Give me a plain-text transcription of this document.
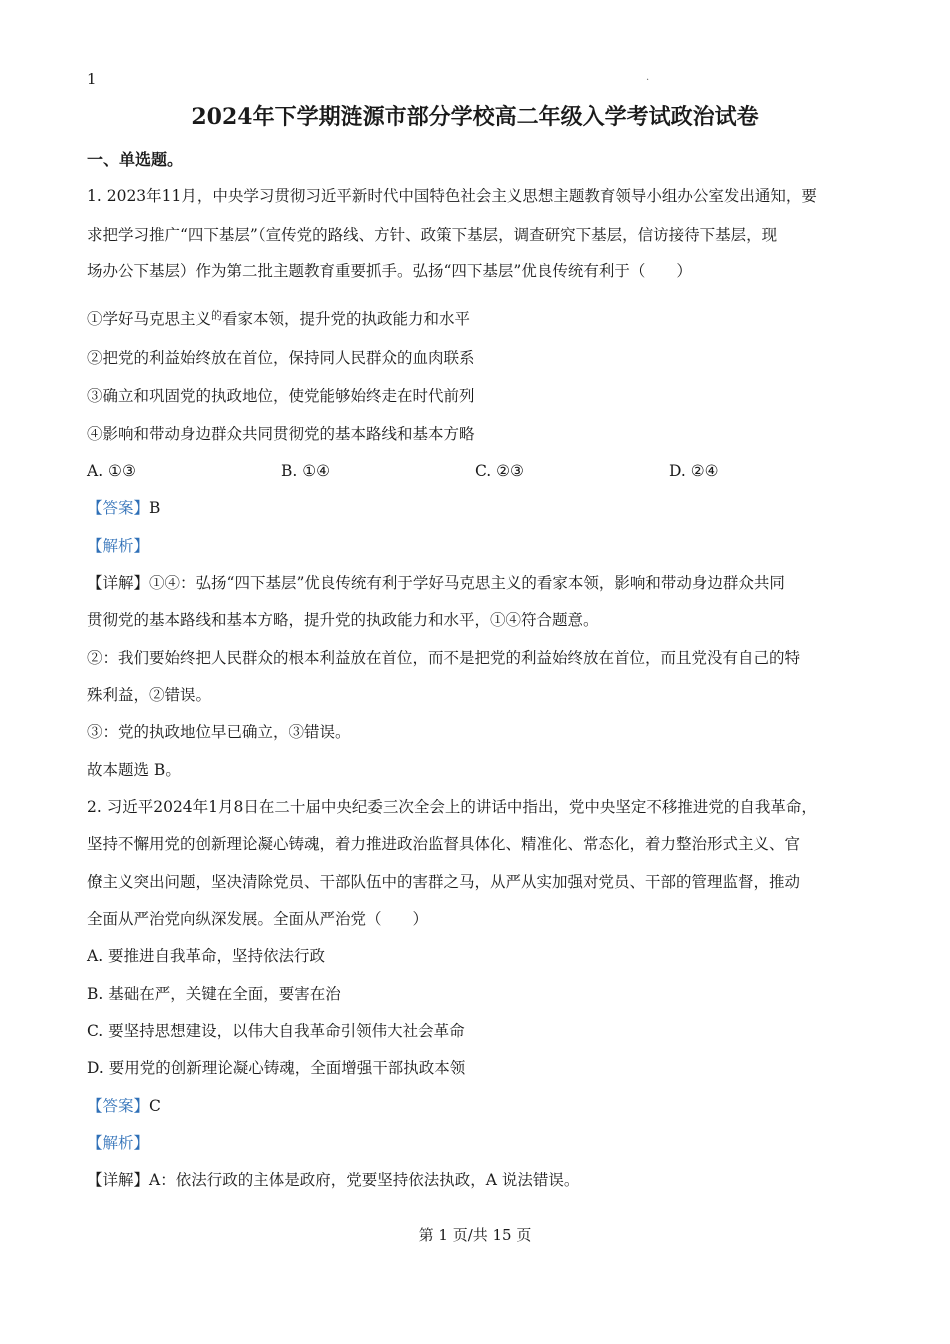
1	.
2024年下学期涟源市部分学校高二年级入学考试政治试卷
一、单选题。
1. 2023年11月，中央学习贯彻习近平新时代中国特色社会主义思想主题教育领导小组办公室发出通知，要
求把学习推广“四下基层”（宣传党的路线、方针、政策下基层，调查研究下基层，信访接待下基层，现
场办公下基层）作为第二批主题教育重要抓手。弘扬“四下基层”优良传统有利于（　　）
①学好马克思主义$^的$看家本领，提升党的执政能力和水平
②把党的利益始终放在首位，保持同人民群众的血肉联系
③确立和巩固党的执政地位，使党能够始终走在时代前列
④影响和带动身边群众共同贯彻党的基本路线和基本方略
A. ①③	B. ①④	C. ②③	D. ②④
【答案】B
【解析】
【详解】①④：弘扬“四下基层”优良传统有利于学好马克思主义的看家本领，影响和带动身边群众共同
贯彻党的基本路线和基本方略，提升党的执政能力和水平，①④符合题意。
②：我们要始终把人民群众的根本利益放在首位，而不是把党的利益始终放在首位，而且党没有自己的特
殊利益，②错误。
③：党的执政地位早已确立，③错误。
故本题选 B。
2. 习近平2024年1月8日在二十届中央纪委三次全会上的讲话中指出，党中央坚定不移推进党的自我革命，
坚持不懈用党的创新理论凝心铸魂，着力推进政治监督具体化、精准化、常态化，着力整治形式主义、官
僚主义突出问题，坚决清除党员、干部队伍中的害群之马，从严从实加强对党员、干部的管理监督，推动
全面从严治党向纵深发展。全面从严治党（　　）
A. 要推进自我革命，坚持依法行政
B. 基础在严，关键在全面，要害在治
C. 要坚持思想建设，以伟大自我革命引领伟大社会革命
D. 要用党的创新理论凝心铸魂，全面增强干部执政本领
【答案】C
【解析】
【详解】A：依法行政的主体是政府，党要坚持依法执政，A 说法错误。
第 1 页/共 15 页
